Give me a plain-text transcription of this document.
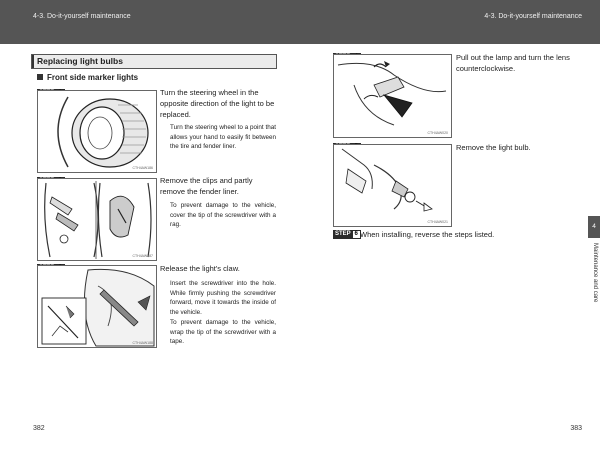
4-3. Do-it-yourself maintenance	4-3. Do-it-yourself maintenance
Replacing light bulbs
Front side marker lights
CTH4AW186
Turn the steering wheel in the opposite direction of the light to be replaced.
Turn the steering wheel to a point that allows your hand to easily fit between the tire and fender liner.
CTH4AW187
Remove the clips and partly remove the fender liner.
To prevent damage to the vehicle, cover the tip of the screwdriver with a rag.
CTH4AW188
Release the light's claw.
Insert the screwdriver into the hole. While firmly pushing the screwdriver forward, move it towards the inside of the vehicle.
To prevent damage to the vehicle, wrap the tip of the screwdriver with a tape.
CTH4AW020
Pull out the lamp and turn the lens counterclockwise.
CTH4AW021
Remove the light bulb.
STEP 6 When installing, reverse the steps listed.
4
Maintenance and care
382	383
